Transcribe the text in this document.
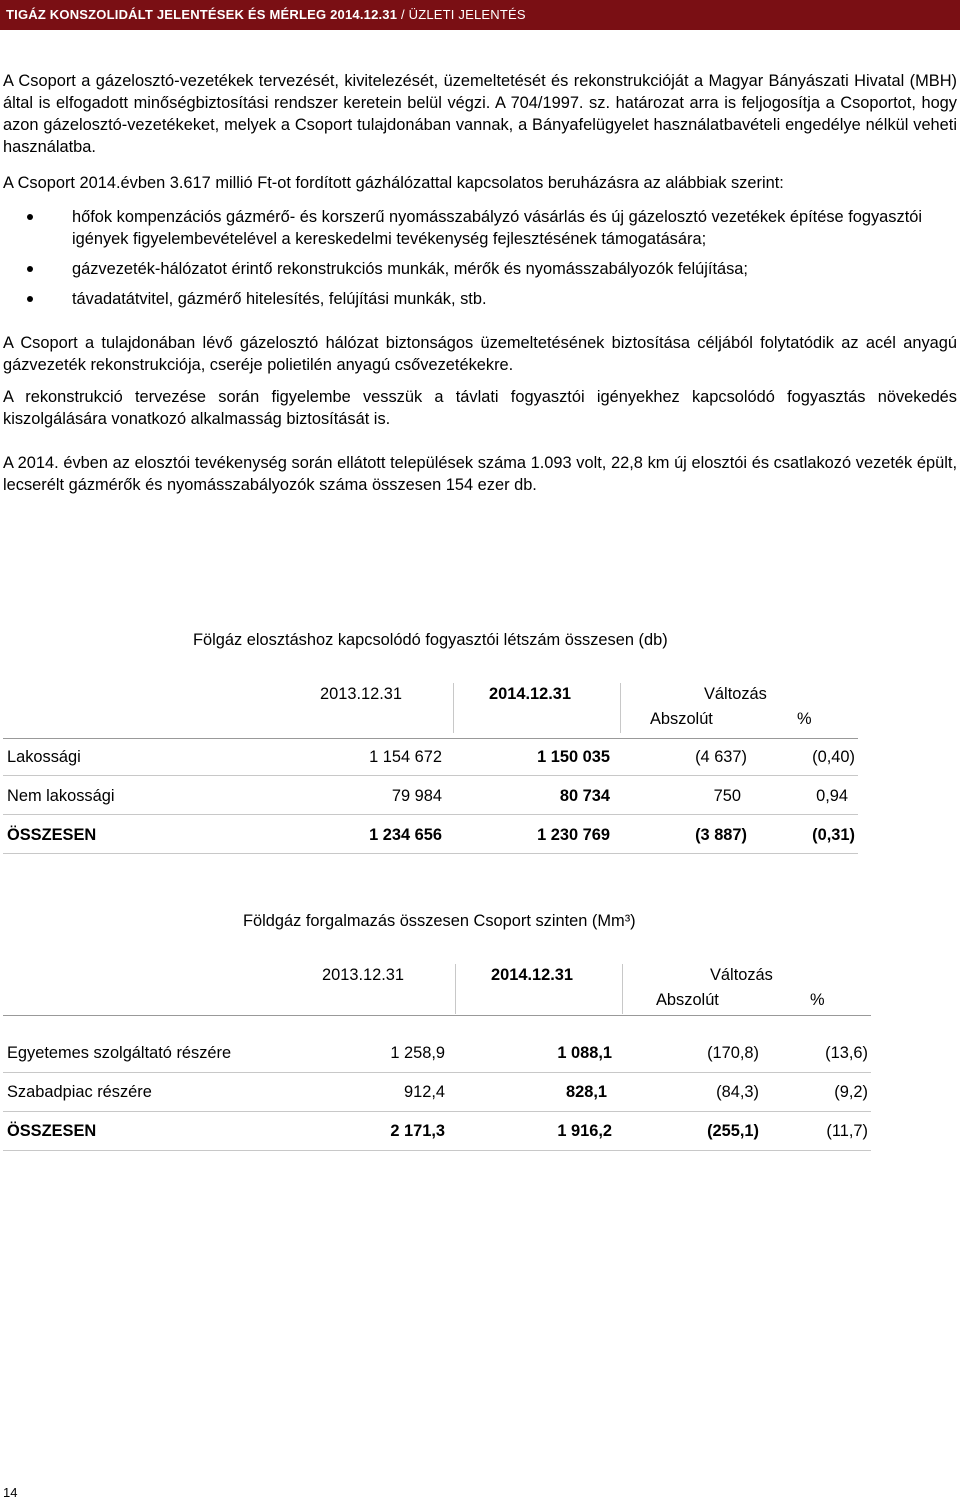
TIGÁZ KONSZOLIDÁLT JELENTÉSEK ÉS MÉRLEG 2014.12.31 / ÜZLETI JELENTÉS

A Csoport a gázelosztó-vezetékek tervezését, kivitelezését, üzemeltetését és rekonstrukcióját a Magyar Bányászati Hivatal (MBH) által is elfogadott minőségbiztosítási rendszer keretein belül végzi. A 704/1997. sz. határozat arra is feljogosítja a Csoportot, hogy azon gázelosztó-vezetékeket, melyek a Csoport tulajdonában vannak, a Bányafelügyelet használatbavételi engedélye nélkül veheti használatba.

A Csoport 2014.évben 3.617 millió Ft-ot fordított gázhálózattal kapcsolatos beruházásra az alábbiak szerint:

hőfok kompenzációs gázmérő- és korszerű nyomásszabályzó vásárlás és új gázelosztó vezetékek építése fogyasztói igények figyelembevételével a kereskedelmi tevékenység fejlesztésének támogatására;
gázvezeték-hálózatot érintő rekonstrukciós munkák, mérők és nyomásszabályozók felújítása;
távadatátvitel, gázmérő hitelesítés, felújítási munkák, stb.

A Csoport a tulajdonában lévő gázelosztó hálózat biztonságos üzemeltetésének biztosítása céljából folytatódik az acél anyagú gázvezeték rekonstrukciója, cseréje polietilén anyagú csővezetékekre.

A rekonstrukció tervezése során figyelembe vesszük a távlati fogyasztói igényekhez kapcsolódó fogyasztás növekedés kiszolgálására vonatkozó alkalmasság biztosítását is.

A 2014. évben az elosztói tevékenység során ellátott települések száma 1.093 volt, 22,8 km új elosztói és csatlakozó vezeték épült, lecserélt gázmérők és nyomásszabályozók száma összesen 154 ezer db.

Fölgáz elosztáshoz kapcsolódó fogyasztói létszám összesen (db)
2013.12.31	2014.12.31	Változás
Abszolút	%
Lakossági	1 154 672	1 150 035	(4 637)	(0,40)
Nem lakossági	79 984	80 734	750	0,94
ÖSSZESEN	1 234 656	1 230 769	(3 887)	(0,31)
Földgáz forgalmazás összesen Csoport szinten (Mm³)
2013.12.31	2014.12.31	Változás
Abszolút	%
Egyetemes szolgáltató részére	1 258,9	1 088,1	(170,8)	(13,6)
Szabadpiac részére	912,4	828,1	(84,3)	(9,2)
ÖSSZESEN	2 171,3	1 916,2	(255,1)	(11,7)
14
